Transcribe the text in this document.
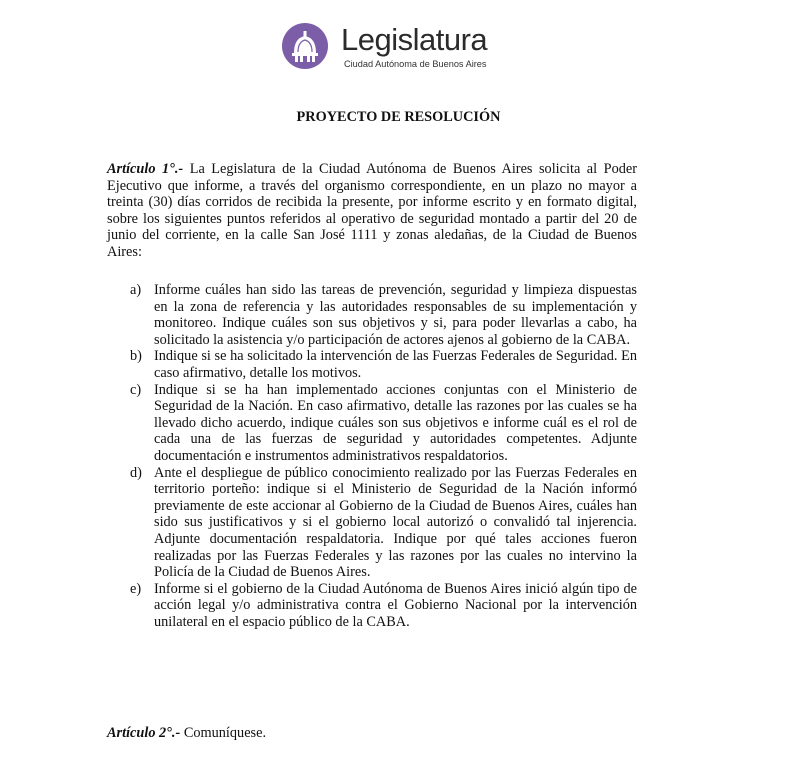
Legislatura
Ciudad Autónoma de Buenos Aires
PROYECTO DE RESOLUCIÓN
Artículo 1°.- La Legislatura de la Ciudad Autónoma de Buenos Aires solicita al Poder Ejecutivo que informe, a través del organismo correspondiente, en un plazo no mayor a treinta (30) días corridos de recibida la presente, por informe escrito y en formato digital, sobre los siguientes puntos referidos al operativo de seguridad montado a partir del 20 de junio del corriente, en la calle San José 1111 y zonas aledañas, de la Ciudad de Buenos Aires:
a) Informe cuáles han sido las tareas de prevención, seguridad y limpieza dispuestas en la zona de referencia y las autoridades responsables de su implementación y monitoreo. Indique cuáles son sus objetivos y si, para poder llevarlas a cabo, ha solicitado la asistencia y/o participación de actores ajenos al gobierno de la CABA.
b) Indique si se ha solicitado la intervención de las Fuerzas Federales de Seguridad. En caso afirmativo, detalle los motivos.
c) Indique si se ha han implementado acciones conjuntas con el Ministerio de Seguridad de la Nación. En caso afirmativo, detalle las razones por las cuales se ha llevado dicho acuerdo, indique cuáles son sus objetivos e informe cuál es el rol de cada una de las fuerzas de seguridad y autoridades competentes. Adjunte documentación e instrumentos administrativos respaldatorios.
d) Ante el despliegue de público conocimiento realizado por las Fuerzas Federales en territorio porteño: indique si el Ministerio de Seguridad de la Nación informó previamente de este accionar al Gobierno de la Ciudad de Buenos Aires, cuáles han sido sus justificativos y si el gobierno local autorizó o convalidó tal injerencia. Adjunte documentación respaldatoria. Indique por qué tales acciones fueron realizadas por las Fuerzas Federales y las razones por las cuales no intervino la Policía de la Ciudad de Buenos Aires.
e) Informe si el gobierno de la Ciudad Autónoma de Buenos Aires inició algún tipo de acción legal y/o administrativa contra el Gobierno Nacional por la intervención unilateral en el espacio público de la CABA.
Artículo 2°.- Comuníquese.
